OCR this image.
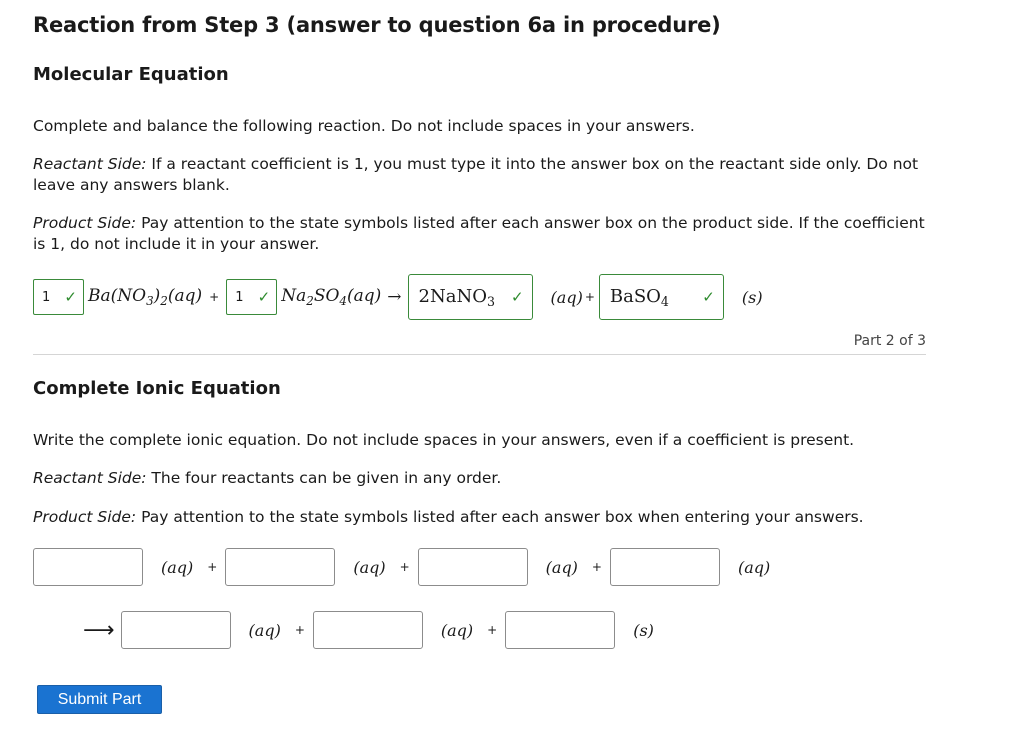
Reaction from Step 3 (answer to question 6a in procedure)
Molecular Equation

Complete and balance the following reaction. Do not include spaces in your answers.

Reactant Side: If a reactant coefficient is 1, you must type it into the answer box on the reactant side only. Do not leave any answers blank.

Product Side: Pay attention to the state symbols listed after each answer box on the product side. If the coefficient is 1, do not include it in your answer.

1 ✓ $Ba(NO_3)_2(aq) + 1$ ✓ $Na_2SO_4(aq)$ → 2NaNO$_3$ ✓ (aq) + BaSO$_4$ ✓ (s)
Part 2 of 3
Complete Ionic Equation

Write the complete ionic equation. Do not include spaces in your answers, even if a coefficient is present.

Reactant Side: The four reactants can be given in any order.

Product Side: Pay attention to the state symbols listed after each answer box when entering your answers.

(aq) +	(aq) +	(aq) +	(aq)
⟶	(aq) +	(aq) +	(s)
Submit Part
